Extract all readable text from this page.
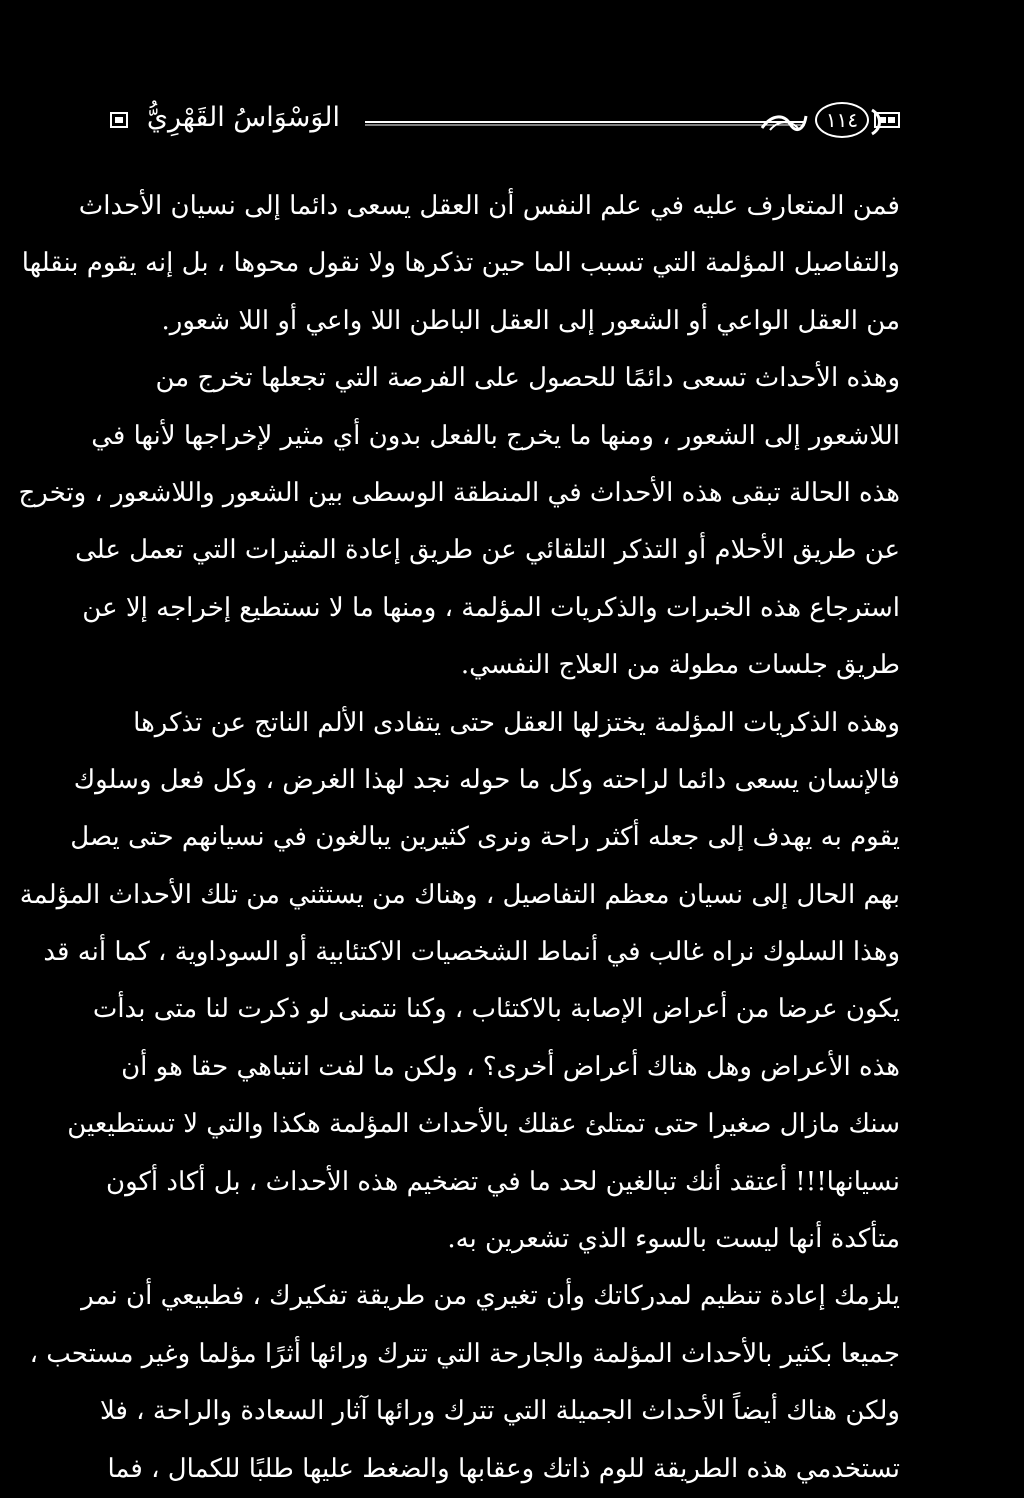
الوَسْوَاسُ القَهْرِيُّ	١١٤
فمن المتعارف عليه في علم النفس أن العقل يسعى دائما إلى نسيان الأحداث
والتفاصيل المؤلمة التي تسبب الما حين تذكرها ولا نقول محوها ، بل إنه يقوم بنقلها
من العقل الواعي أو الشعور إلى العقل الباطن اللا واعي أو اللا شعور.
وهذه الأحداث تسعى دائمًا للحصول على الفرصة التي تجعلها تخرج من
اللاشعور إلى الشعور ، ومنها ما يخرج بالفعل بدون أي مثير لإخراجها لأنها في
هذه الحالة تبقى هذه الأحداث في المنطقة الوسطى بين الشعور واللاشعور ، وتخرج
عن طريق الأحلام أو التذكر التلقائي عن طريق إعادة المثيرات التي تعمل على
استرجاع هذه الخبرات والذكريات المؤلمة ، ومنها ما لا نستطيع إخراجه إلا عن
طريق جلسات مطولة من العلاج النفسي.
وهذه الذكريات المؤلمة يختزلها العقل حتى يتفادى الألم الناتج عن تذكرها
فالإنسان يسعى دائما لراحته وكل ما حوله نجد لهذا الغرض ، وكل فعل وسلوك
يقوم به يهدف إلى جعله أكثر راحة ونرى كثيرين يبالغون في نسيانهم حتى يصل
بهم الحال إلى نسيان معظم التفاصيل ، وهناك من يستثني من تلك الأحداث المؤلمة
وهذا السلوك نراه غالب في أنماط الشخصيات الاكتئابية أو السوداوية ، كما أنه قد
يكون عرضا من أعراض الإصابة بالاكتئاب ، وكنا نتمنى لو ذكرت لنا متى بدأت
هذه الأعراض وهل هناك أعراض أخرى؟ ، ولكن ما لفت انتباهي حقا هو أن
سنك مازال صغيرا حتى تمتلئ عقلك بالأحداث المؤلمة هكذا والتي لا تستطيعين
نسيانها!!! أعتقد أنك تبالغين لحد ما في تضخيم هذه الأحداث ، بل أكاد أكون
متأكدة أنها ليست بالسوء الذي تشعرين به.
يلزمك إعادة تنظيم لمدركاتك وأن تغيري من طريقة تفكيرك ، فطبيعي أن نمر
جميعا بكثير بالأحداث المؤلمة والجارحة التي تترك ورائها أثرًا مؤلما وغير مستحب ،
ولكن هناك أيضاً الأحداث الجميلة التي تترك ورائها آثار السعادة والراحة ، فلا
تستخدمي هذه الطريقة للوم ذاتك وعقابها والضغط عليها طلبًا للكمال ، فما
